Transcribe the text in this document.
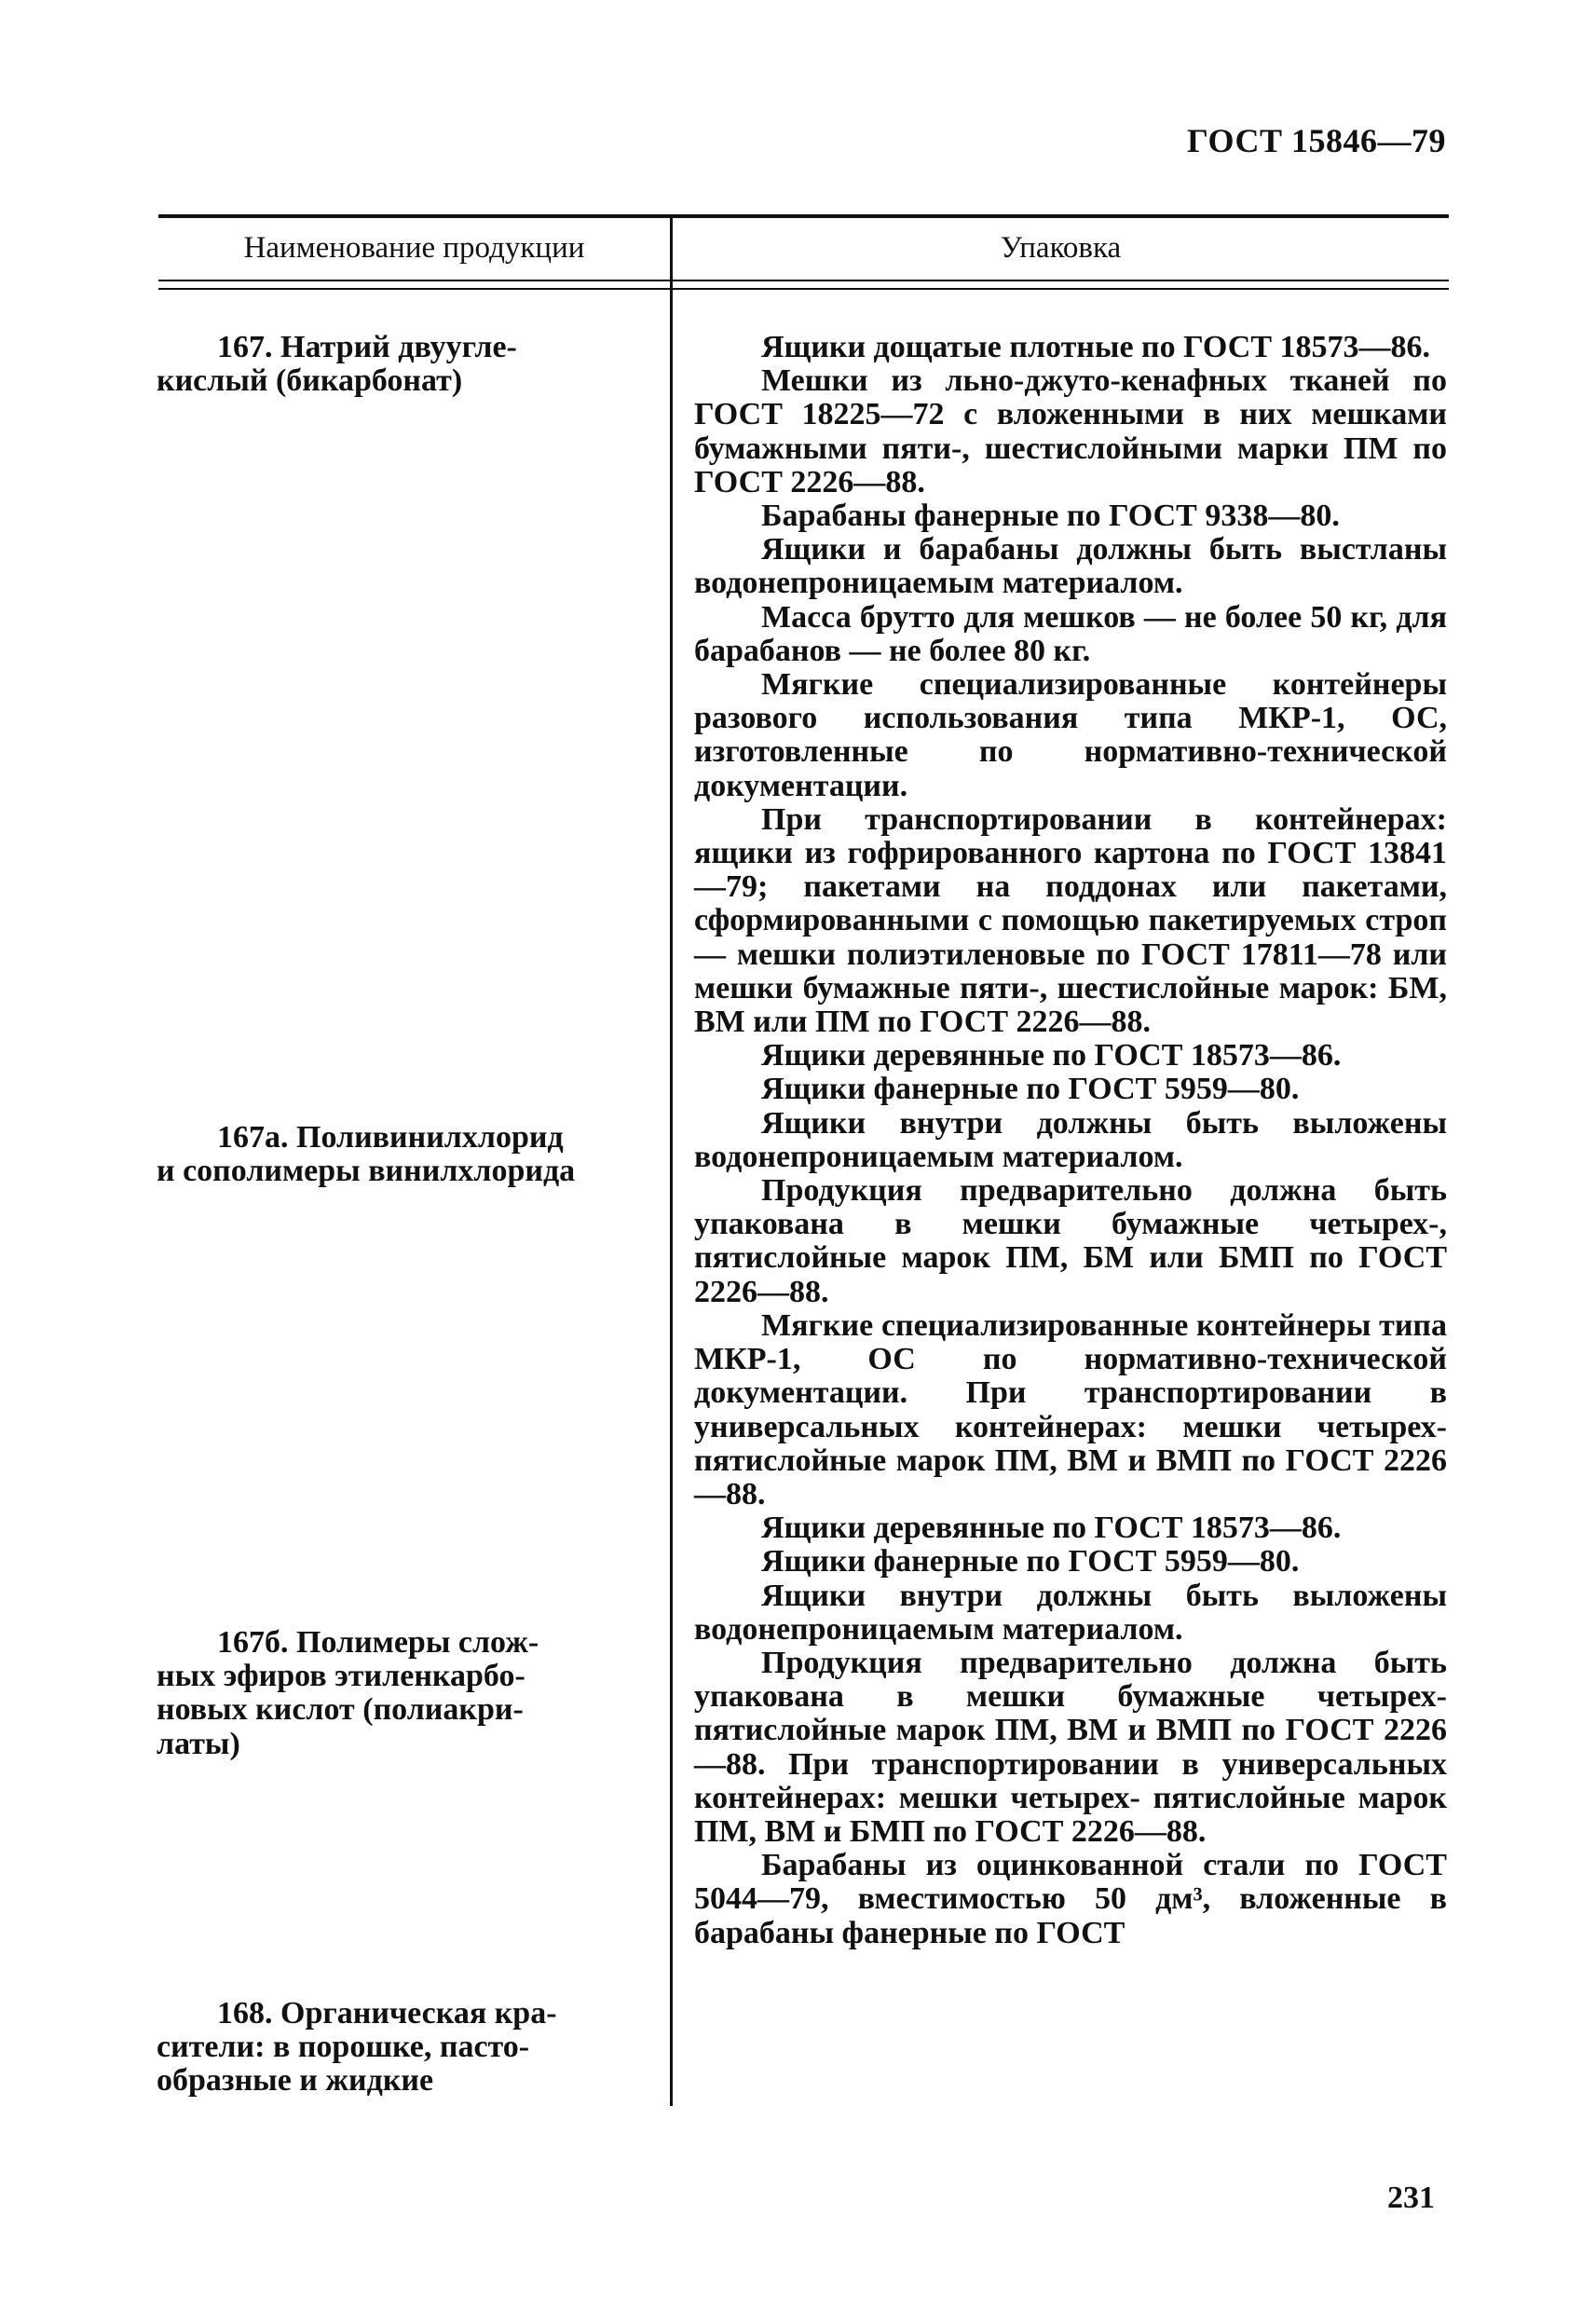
ГОСТ 15846—79
Наименование продукции	Упаковка
167. Натрий двууглe-
кислый (бикарбонат)
167а. Поливинилхлорид
и сополимеры винилхлорида
167б. Полимеры слож-
ных эфиров этиленкарбо-
новых кислот (полиакри-
латы)
168. Органическая кра-
сители: в порошке, пасто-
образные и жидкие

Ящики дощатые плотные по ГОСТ 18573—86.

Мешки из льно-джуто-кенафных тканей по ГОСТ 18225—72 с вложенными в них мешками бумажными пяти-, шестислойными марки ПМ по ГОСТ 2226—88.

Барабаны фанерные по ГОСТ 9338—80.

Ящики и барабаны должны быть выстланы водонепроницаемым материалом.

Масса брутто для мешков — не более 50 кг, для барабанов — не более 80 кг.

Мягкие специализированные контейнеры разового использования типа МКР-1, ОС, изготовленные по нормативно-технической документации.

При транспортировании в контейнерах: ящики из гофрированного картона по ГОСТ 13841—79; пакетами на поддонах или пакетами, сформированными с помощью пакетируемых строп — мешки полиэтиленовые по ГОСТ 17811—78 или мешки бумажные пяти-, шестислойные марок: БМ, ВМ или ПМ по ГОСТ 2226—88.

Ящики деревянные по ГОСТ 18573—86.

Ящики фанерные по ГОСТ 5959—80.

Ящики внутри должны быть выложены водонепроницаемым материалом.

Продукция предварительно должна быть упакована в мешки бумажные четырех-, пятислойные марок ПМ, БМ или БМП по ГОСТ 2226—88.

Мягкие специализированные контейнеры типа МКР-1, ОС по нормативно-технической документации. При транспортировании в универсальных контейнерах: мешки четырех- пятислойные марок ПМ, ВМ и ВМП по ГОСТ 2226—88.

Ящики деревянные по ГОСТ 18573—86.

Ящики фанерные по ГОСТ 5959—80.

Ящики внутри должны быть выложены водонепроницаемым материалом.

Продукция предварительно должна быть упакована в мешки бумажные четырех- пятислойные марок ПМ, ВМ и ВМП по ГОСТ 2226—88. При транспортировании в универсальных контейнерах: мешки четырех- пятислойные марок ПМ, ВМ и БМП по ГОСТ 2226—88.

Барабаны из оцинкованной стали по ГОСТ 5044—79, вместимостью 50 дм³, вложенные в барабаны фанерные по ГОСТ

231
